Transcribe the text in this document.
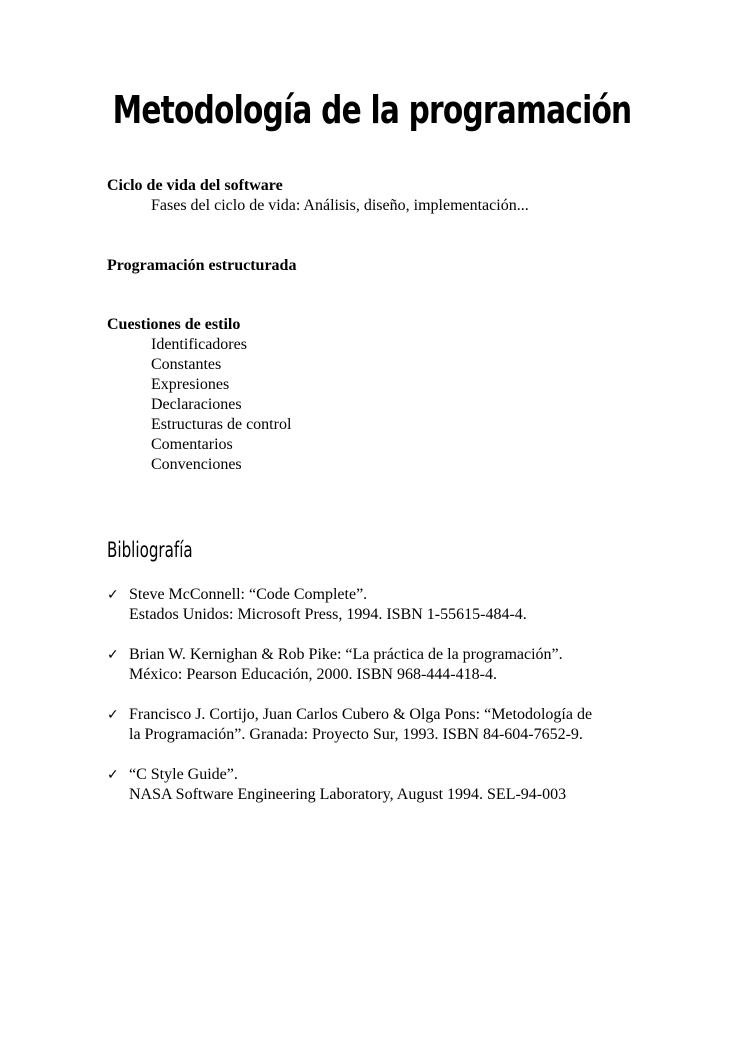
Metodología de la programación
Ciclo de vida del software
Fases del ciclo de vida: Análisis, diseño, implementación...
Programación estructurada
Cuestiones de estilo
Identificadores
Constantes
Expresiones
Declaraciones
Estructuras de control
Comentarios
Convenciones
Bibliografía
✓ Steve McConnell: “Code Complete”.
Estados Unidos: Microsoft Press, 1994. ISBN 1-55615-484-4.
✓ Brian W. Kernighan & Rob Pike: “La práctica de la programación”.
México: Pearson Educación, 2000. ISBN 968-444-418-4.
✓ Francisco J. Cortijo, Juan Carlos Cubero & Olga Pons: “Metodología de
la Programación”. Granada: Proyecto Sur, 1993. ISBN 84-604-7652-9.
✓ “C Style Guide”.
NASA Software Engineering Laboratory, August 1994. SEL-94-003
